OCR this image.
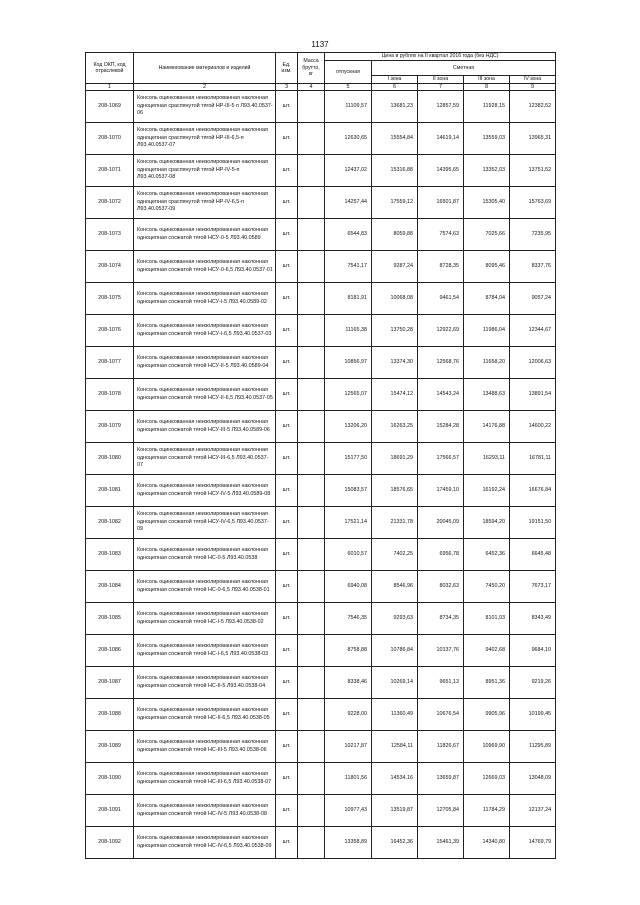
1137
Код ОКП, код отраслевой	Наименование материалов и изделий	Ед. изм.	Масса брутто, кг	Цена в рублях на II квартал 2016 года (без НДС)				
				отпускная	Сметная			
					I зона	II зона	III зона	IV зона
1	2	3	4	5	6	7	8	9
208-1069	Консоль оцинкованная неизолированная наклонная одноцепная сраспянутой тягой НР-III-5 п Л93.40.0537-06	шт.		11109,57	13681,23	12857,59	11928,15	12382,52
208-1070	Консоль оцинкованная неизолированная наклонная одноцепная сраспянутой тягой НР-III-6,5-п Л93.40.0537-07	шт.		12630,65	15554,84	14619,14	13559,03	13965,31
208-1071	Консоль оцинкованная неизолированная наклонная одноцепная сраспянутой тягой НР-IV-5-п Л93.40.0537-08	шт.		12437,02	15316,88	14395,65	13352,03	13751,52
208-1072	Консоль оцинкованная неизолированная наклонная одноцепная сраспянутой тягой НР-IV-6,5-п Л93.40.0537-09	шт.		14257,44	17559,12	16501,87	15305,40	15763,69
208-1073	Консоль оцинкованная неизолированная наклонная одноцепная сосжатой тягой НСУ-0-5 Л93.40.0589	шт.		6544,83	8059,88	7574,63	7025,66	7235,95
208-1074	Консоль оцинкованная неизолированная наклонная одноцепная сосжатой тягой НСУ-0-6,5 Л93.40.0537-01	шт.		7541,17	9287,24	8728,35	8095,46	8337,76
208-1075	Консоль оцинкованная неизолированная наклонная одноцепная сосжатой тягой НСУ-I-5 Л93.40.0589-02	шт.		8181,91	10068,08	9461,54	8784,04	9057,24
208-1076	Консоль оцинкованная неизолированная наклонная одноцепная сосжатой тягой НСУ-I-6,5 Л93.40.0537-03	шт.		11165,38	13750,28	12922,69	11986,04	12344,67
208-1077	Консоль оцинкованная неизолированная наклонная одноцепная сосжатой тягой НСУ-II-5 Л93.40.0589-04	шт.		10856,97	13374,30	12568,76	11658,20	12006,63
208-1078	Консоль оцинкованная неизолированная наклонная одноцепная сосжатой тягой НСУ-II-6,5 Л93.40.0537-05	шт.		12565,07	15474,12	14543,24	13488,63	13891,54
208-1079	Консоль оцинкованная неизолированная наклонная одноцепная сосжатой тягой НСУ-III-5 Л93.40.0589-06	шт.		13206,20	16263,25	15284,28	14176,88	14600,22
208-1080	Консоль оцинкованная неизолированная наклонная одноцепная сосжатой тягой НСУ-III-6,5 Л93.40.0537-07	шт.		15177,50	18691,29	17566,57	16293,11	16781,11
208-1081	Консоль оцинкованная неизолированная наклонная одноцепная сосжатой тягой НСУ-IV-5 Л93.40.0589-08	шт.		15083,57	18576,65	17459,10	16192,24	16676,84
208-1082	Консоль оцинкованная неизолированная наклонная одноцепная сосжатой тягой НСУ-IV-6,5 Л93.40.0537-09	шт.		17521,14	21331,78	20045,09	18594,20	19151,50
208-1083	Консоль оцинкованная неизолированная наклонная одноцепная сосжатой тягой НС-0-5 Л93.40.0538	шт.		6010,57	7402,25	6956,78	6452,36	6645,48
208-1084	Консоль оцинкованная неизолированная наклонная одноцепная сосжатой тягой НС-0-6,5 Л93.40.0538-01	шт.		6940,08	8546,96	8032,63	7450,20	7673,17
208-1085	Консоль оцинкованная неизолированная наклонная одноцепная сосжатой тягой НС-I-5 Л93.40.0538-02	шт.		7546,35	9293,63	8734,35	8101,03	8343,49
208-1086	Консоль оцинкованная неизолированная наклонная одноцепная сосжатой тягой НС-I-6,5 Л93.40.0538-03	шт.		8758,88	10786,84	10137,76	9402,68	9684,10
208-1087	Консоль оцинкованная неизолированная наклонная одноцепная сосжатой тягой НС-II-5 Л93.40.0538-04	шт.		8338,46	10269,14	9651,13	8951,36	9219,26
208-1088	Консоль оцинкованная неизолированная наклонная одноцепная сосжатой тягой НС-II-6,5 Л93.40.0538-05	шт.		9228,00	11360,49	10676,54	9905,96	10199,45
208-1089	Консоль оцинкованная неизолированная наклонная одноцепная сосжатой тягой НС-III-5 Л93.40.0538-06	шт.		10217,87	12584,11	11826,67	10969,90	11295,89
208-1090	Консоль оцинкованная неизолированная наклонная одноцепная сосжатой тягой НС-III-6,5 Л93.40.0538-07	шт.		11801,56	14534,16	13659,87	12669,03	13048,09
208-1091	Консоль оцинкованная неизолированная наклонная одноцепная сосжатой тягой НС-IV-5 Л93.40.0538-08	шт.		10977,43	13519,87	12705,84	11784,29	12137,24
208-1092	Консоль оцинкованная неизолированная наклонная одноцепная сосжатой тягой НС-IV-6,5 Л93.40.0538-09	шт.		13358,89	16452,36	15461,39	14340,80	14769,79
